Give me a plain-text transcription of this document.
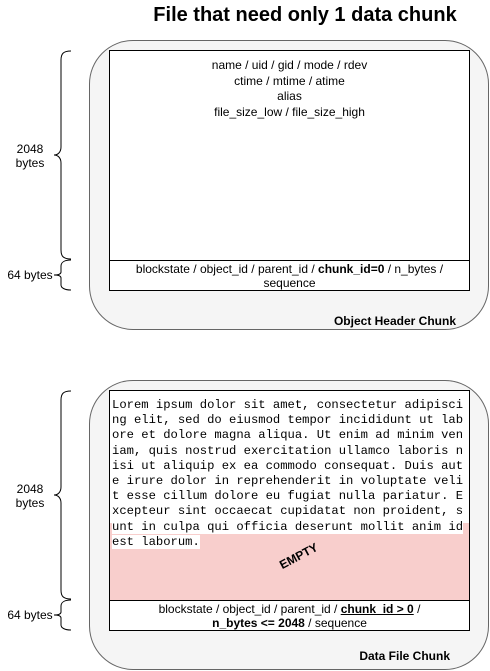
File that need only 1 data chunk
2048 bytes
64 bytes
2048 bytes
64 bytes
name / uid / gid / mode / rdev
ctime / mtime / atime
alias
file_size_low / file_size_high
blockstate / object_id / parent_id / chunk_id=0 / n_bytes / sequence
Object Header Chunk
Lorem ipsum dolor sit amet, consectetur adipiscing elit, sed do eiusmod tempor incididunt ut labore et dolore magna aliqua. Ut enim ad minim veniam, quis nostrud exercitation ullamco laboris nisi ut aliquip ex ea commodo consequat. Duis aute irure dolor in reprehenderit in voluptate velit esse cillum dolore eu fugiat nulla pariatur. Excepteur sint occaecat cupidatat non proident, sunt in culpa qui officia deserunt mollit anim id est laborum.	EMPTY
blockstate / object_id / parent_id / chunk_id > 0 /
n_bytes <= 2048 / sequence
Data File Chunk
